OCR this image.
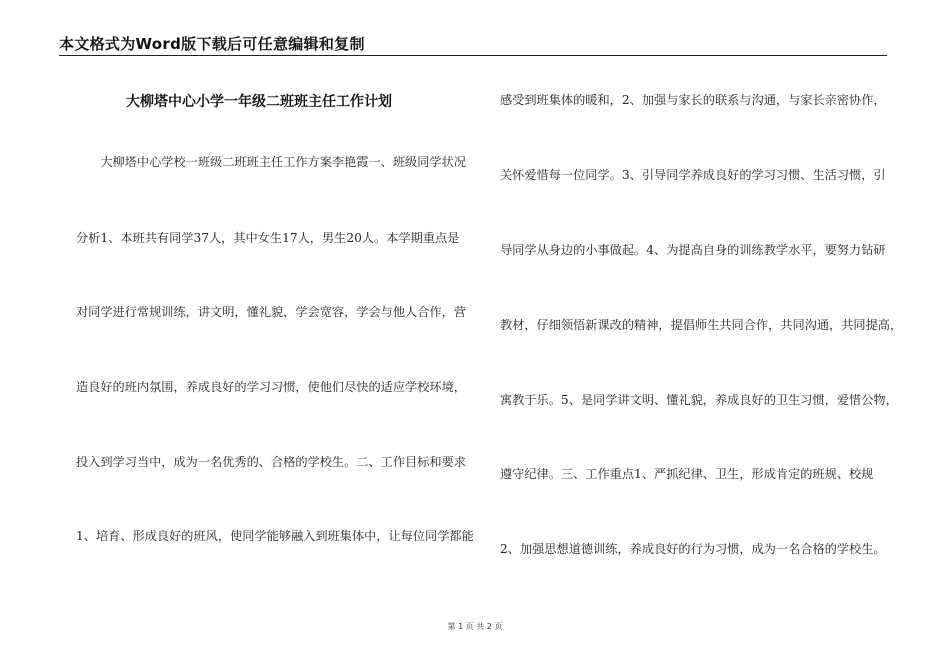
本文格式为Word版下载后可任意编辑和复制
大柳塔中心小学一年级二班班主任工作计划
　　大柳塔中心学校一班级二班班主任工作方案李艳霞一、班级同学状况
分析1、本班共有同学37人，其中女生17人，男生20人。本学期重点是
对同学进行常规训练，讲文明，懂礼貌，学会宽容，学会与他人合作，营
造良好的班内氛围，养成良好的学习习惯，使他们尽快的适应学校环境，
投入到学习当中，成为一名优秀的、合格的学校生。二、工作目标和要求
1、培育、形成良好的班风，使同学能够融入到班集体中，让每位同学都能
感受到班集体的暖和，2、加强与家长的联系与沟通，与家长亲密协作，
关怀爱惜每一位同学。3、引导同学养成良好的学习习惯、生活习惯，引
导同学从身边的小事做起。4、为提高自身的训练教学水平，要努力钻研
教材，仔细领悟新课改的精神，提倡师生共同合作，共同沟通，共同提高，
寓教于乐。5、是同学讲文明、懂礼貌，养成良好的卫生习惯，爱惜公物，
遵守纪律。三、工作重点1、严抓纪律、卫生，形成肯定的班规、校规
2、加强思想道德训练，养成良好的行为习惯，成为一名合格的学校生。
第 1 页 共 2 页
